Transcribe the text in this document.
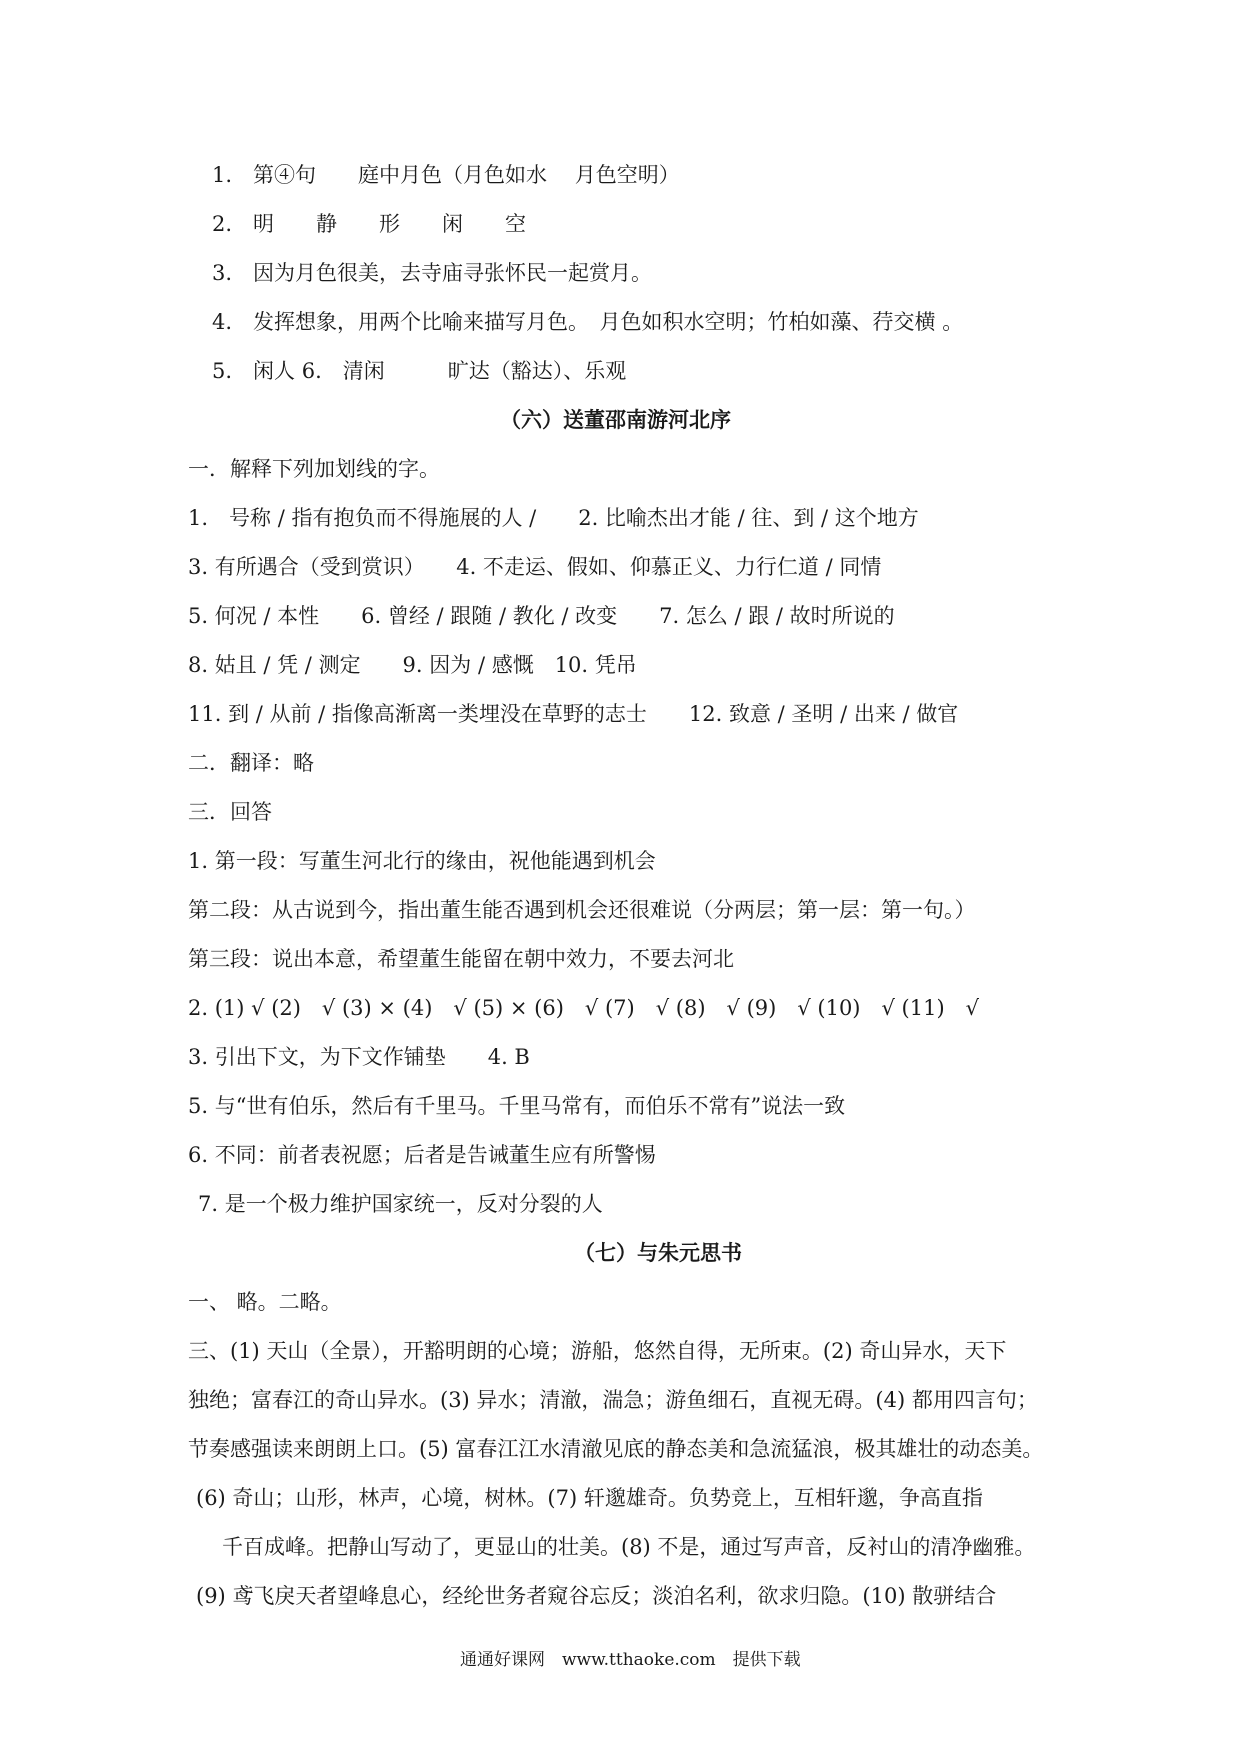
1.　第④句　　庭中月色（月色如水　 月色空明）
2.　明　　静　　形　　闲　　空
3.　因为月色很美，去寺庙寻张怀民一起赏月。
4.　发挥想象，用两个比喻来描写月色。　月色如积水空明；竹柏如藻、荇交横 。
5.　闲人 6.　清闲　　　旷达（豁达）、乐观
（六）送董邵南游河北序
一．解释下列加划线的字。
1.　号称 / 指有抱负而不得施展的人 /　　2. 比喻杰出才能 / 往、到 / 这个地方
3. 有所遇合（受到赏识）　　4. 不走运、假如、仰慕正义、力行仁道 / 同情
5. 何况 / 本性　　6. 曾经 / 跟随 / 教化 / 改变　　7. 怎么 / 跟 / 故时所说的
8. 姑且 / 凭 / 测定　　9. 因为 / 感慨　10. 凭吊
11. 到 / 从前 / 指像高渐离一类埋没在草野的志士　　12. 致意 / 圣明 / 出来 / 做官
二．翻译：略
三．回答
1. 第一段：写董生河北行的缘由，祝他能遇到机会
第二段：从古说到今，指出董生能否遇到机会还很难说（分两层；第一层：第一句。）
第三段：说出本意，希望董生能留在朝中效力，不要去河北
2. (1) √ (2)　√ (3) × (4)　√ (5) × (6)　√ (7)　√ (8)　√ (9)　√ (10)　√ (11)　√
3. 引出下文，为下文作铺垫　　4. B
5. 与“世有伯乐，然后有千里马。千里马常有，而伯乐不常有”说法一致
6. 不同：前者表祝愿；后者是告诫董生应有所警惕
7. 是一个极力维护国家统一，反对分裂的人
（七）与朱元思书
一、 略。二略。
三、(1) 天山（全景），开豁明朗的心境；游船，悠然自得，无所束。(2) 奇山异水，天下
独绝；富春江的奇山异水。(3) 异水；清澈，湍急；游鱼细石，直视无碍。(4) 都用四言句；
节奏感强读来朗朗上口。(5) 富春江江水清澈见底的静态美和急流猛浪，极其雄壮的动态美。
(6) 奇山；山形，林声，心境，树林。(7) 轩邈雄奇。负势竞上，互相轩邈，争高直指
千百成峰。把静山写动了，更显山的壮美。(8) 不是，通过写声音，反衬山的清净幽雅。
(9) 鸢飞戾天者望峰息心，经纶世务者窥谷忘反；淡泊名利，欲求归隐。(10) 散骈结合
通通好课网　www.tthaoke.com　提供下载
